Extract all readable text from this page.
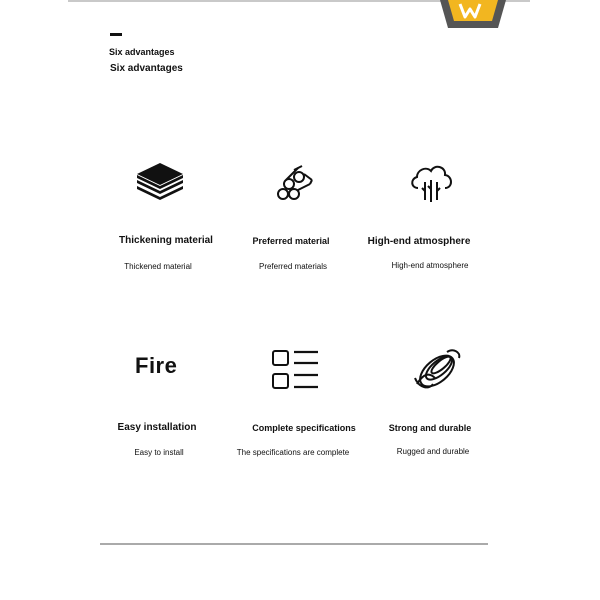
Six advantages
Six advantages
Thickening material
Thickened material
Preferred material
Preferred materials
High-end atmosphere
High-end atmosphere
Fire
Easy installation
Easy to install
Complete specifications
The specifications are complete
Strong and durable
Rugged and durable
